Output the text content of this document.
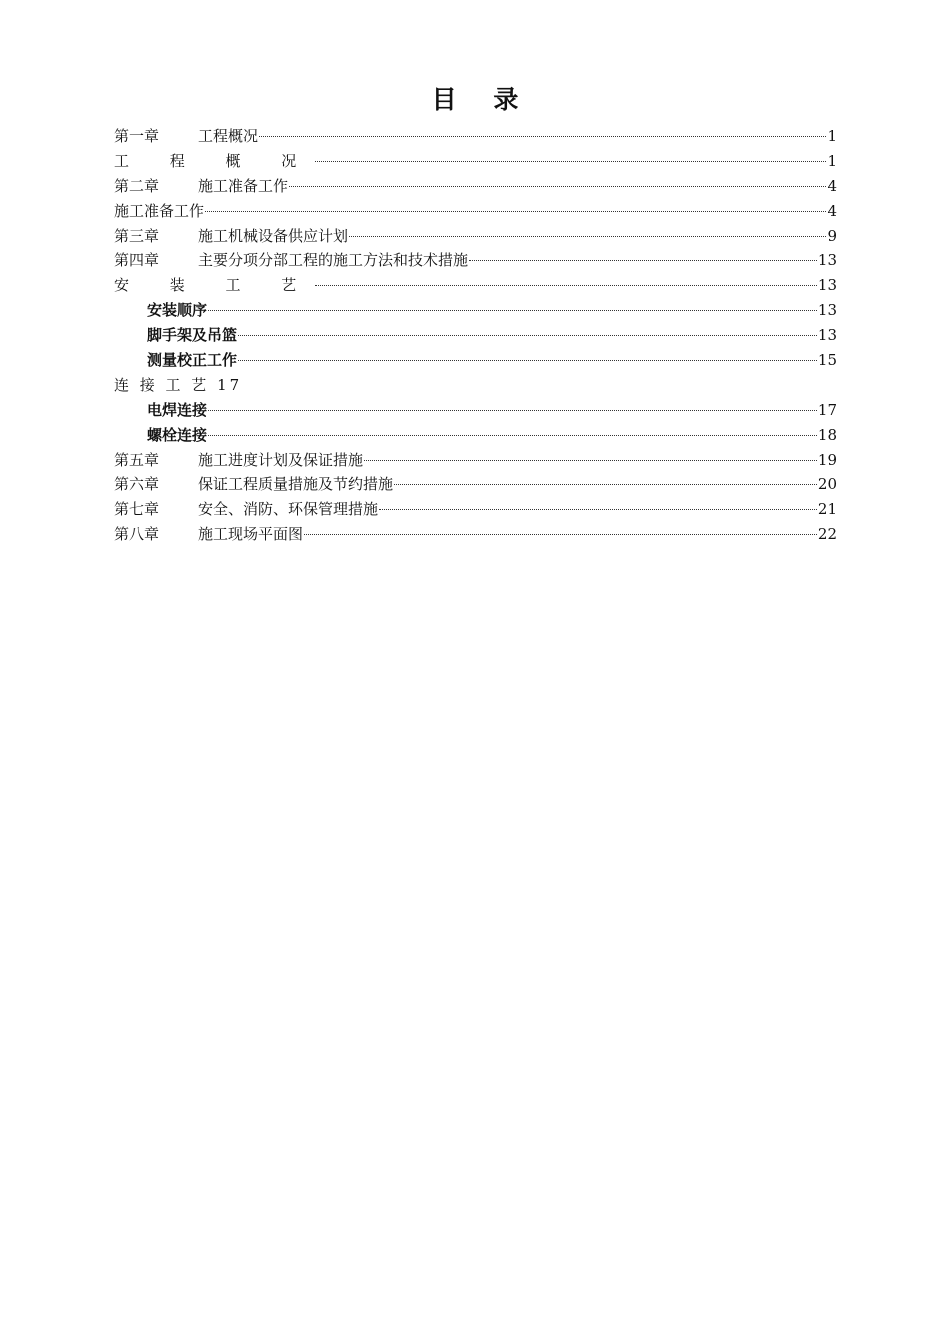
目 录
第一章	工程概况	1
工 程 概 况	1
第二章	施工准备工作	4
施工准备工作	4
第三章	施工机械设备供应计划	9
第四章	主要分项分部工程的施工方法和技术措施	13
安 装 工 艺	13
安装顺序	13
脚手架及吊篮	13
测量校正工作	15
连 接 工 艺 17
电焊连接	17
螺栓连接	18
第五章	施工进度计划及保证措施	19
第六章	保证工程质量措施及节约措施	20
第七章	安全、消防、环保管理措施	21
第八章	施工现场平面图	22
